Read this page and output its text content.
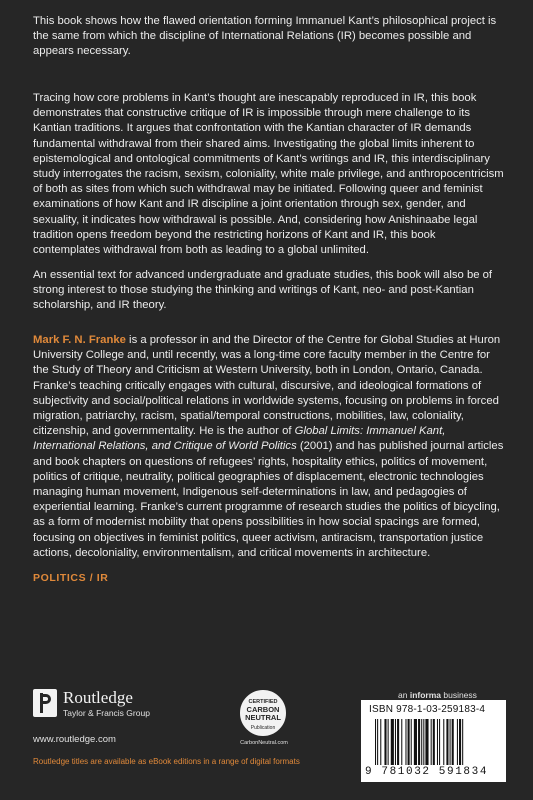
This book shows how the flawed orientation forming Immanuel Kant’s philosophical project is the same from which the discipline of International Relations (IR) becomes possible and appears necessary.

Tracing how core problems in Kant’s thought are inescapably reproduced in IR, this book demonstrates that constructive critique of IR is impossible through mere challenge to its Kantian traditions. It argues that confrontation with the Kantian character of IR demands fundamental withdrawal from their shared aims. Investigating the global limits inherent to epistemological and ontological commitments of Kant’s writings and IR, this interdisciplinary study interrogates the racism, sexism, coloniality, white male privilege, and anthropocentricism of both as sites from which such withdrawal may be initiated. Following queer and feminist examinations of how Kant and IR discipline a joint orientation through sex, gender, and sexuality, it indicates how withdrawal is possible. And, considering how Anishinaabe legal tradition opens freedom beyond the restricting horizons of Kant and IR, this book contemplates withdrawal from both as leading to a global unlimited.

An essential text for advanced undergraduate and graduate studies, this book will also be of strong interest to those studying the thinking and writings of Kant, neo- and post-Kantian scholarship, and IR theory.

Mark F. N. Franke is a professor in and the Director of the Centre for Global Studies at Huron University College and, until recently, was a long-time core faculty member in the Centre for the Study of Theory and Criticism at Western University, both in London, Ontario, Canada. Franke’s teaching critically engages with cultural, discursive, and ideological formations of subjectivity and social/political relations in worldwide systems, focusing on problems in forced migration, patriarchy, racism, spatial/temporal constructions, mobilities, law, coloniality, citizenship, and governmentality. He is the author of Global Limits: Immanuel Kant, International Relations, and Critique of World Politics (2001) and has published journal articles and book chapters on questions of refugees’ rights, hospitality ethics, politics of movement, politics of critique, neutrality, political geographies of displacement, electronic technologies managing human movement, Indigenous self-determinations in law, and pedagogies of experiential learning. Franke’s current programme of research studies the politics of bicycling, as a form of modernist mobility that opens possibilities in how social spacings are formed, focusing on objectives in feminist politics, queer activism, antiracism, transportation justice actions, decoloniality, environmentalism, and critical movements in architecture.

POLITICS / IR
Routledge
Taylor & Francis Group
www.routledge.com
Routledge titles are available as eBook editions in a range of digital formats
CERTIFIED
CARBON NEUTRAL
Publication
CarbonNeutral.com
an informa business
ISBN 978-1-03-259183-4
9 781032 591834
